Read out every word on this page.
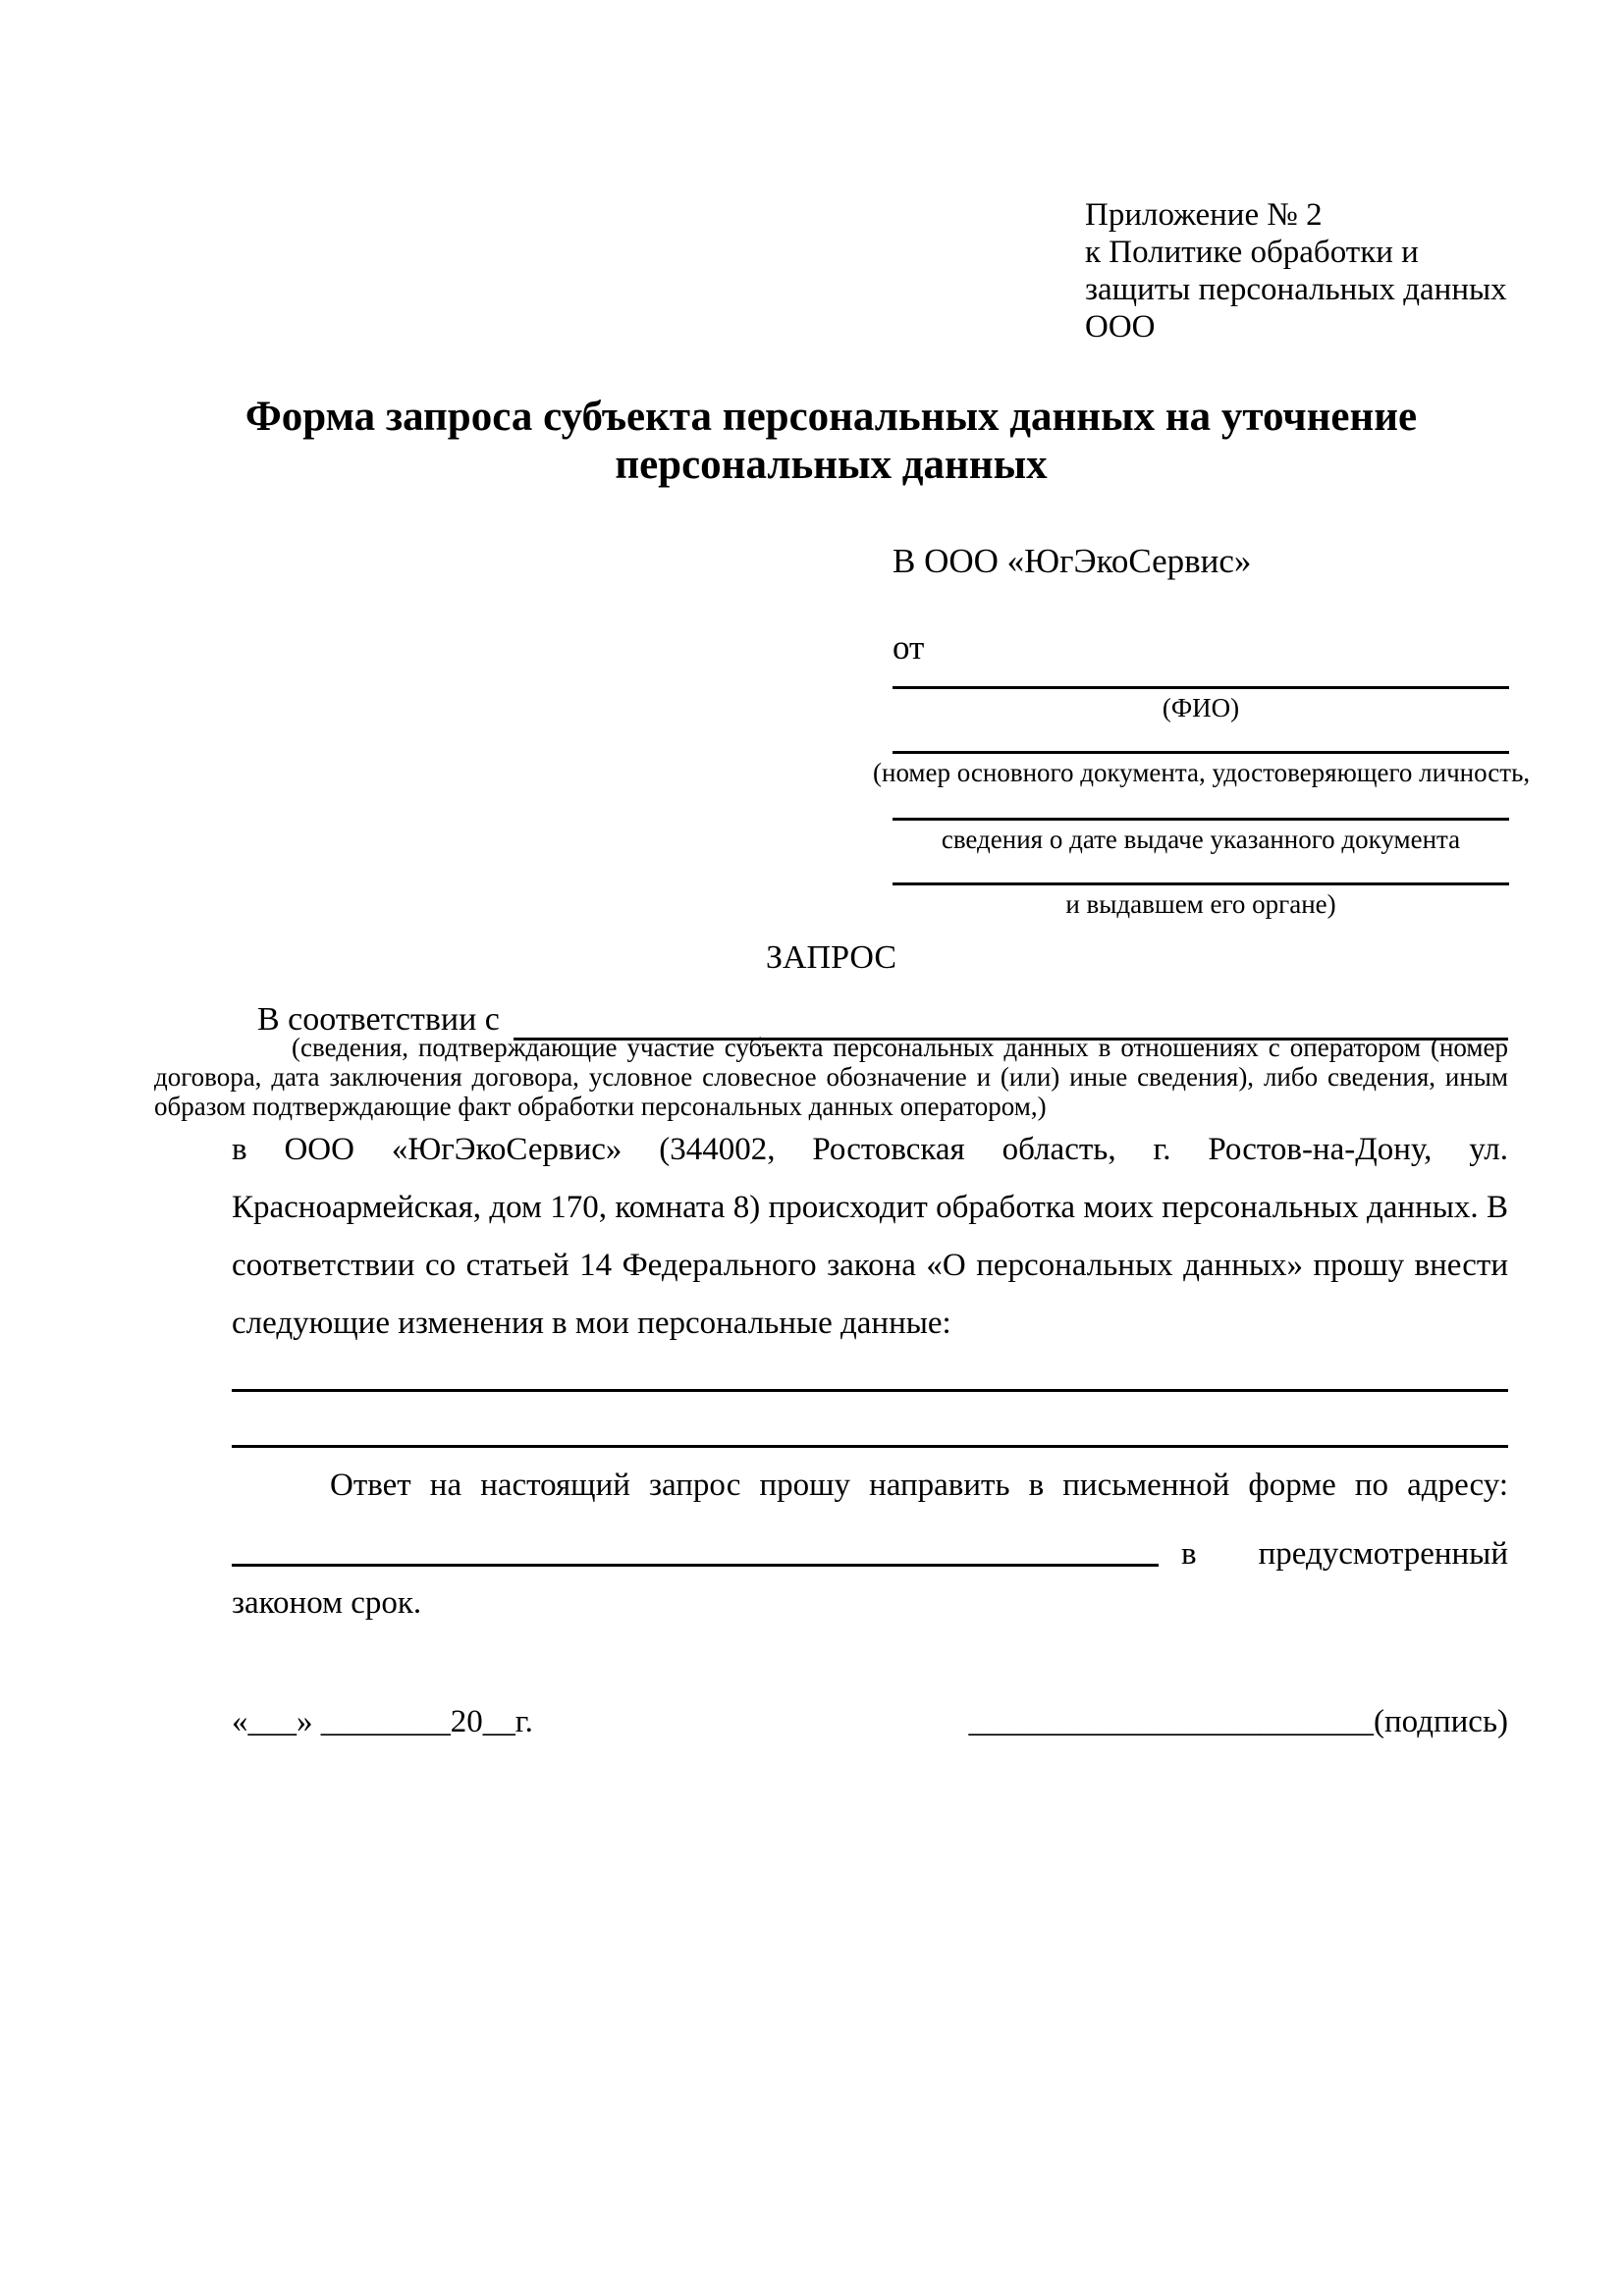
Приложение № 2
к Политике обработки и
защиты персональных данных
ООО
Форма запроса субъекта персональных данных на уточнение
персональных данных
В ООО «ЮгЭкоСервис»
от
(ФИО)
(номер основного документа, удостоверяющего личность,
сведения о дате выдаче указанного документа
и выдавшем его органе)
ЗАПРОС
В соответствии с
(сведения, подтверждающие участие субъекта персональных данных в отношениях с оператором (номер договора, дата заключения договора, условное словесное обозначение и (или) иные сведения), либо сведения, иным образом подтверждающие факт обработки персональных данных оператором,)
в ООО «ЮгЭкоСервис» (344002, Ростовская область, г. Ростов-на-Дону, ул. Красноармейская, дом 170, комната 8) происходит обработка моих персональных данных. В соответствии со статьей 14 Федерального закона «О персональных данных» прошу внести следующие изменения в мои персональные данные:
Ответ на настоящий запрос прошу направить в письменной форме по адресу:
в предусмотренный
законом срок.
«___» ________20__г.	_________________________(подпись)
